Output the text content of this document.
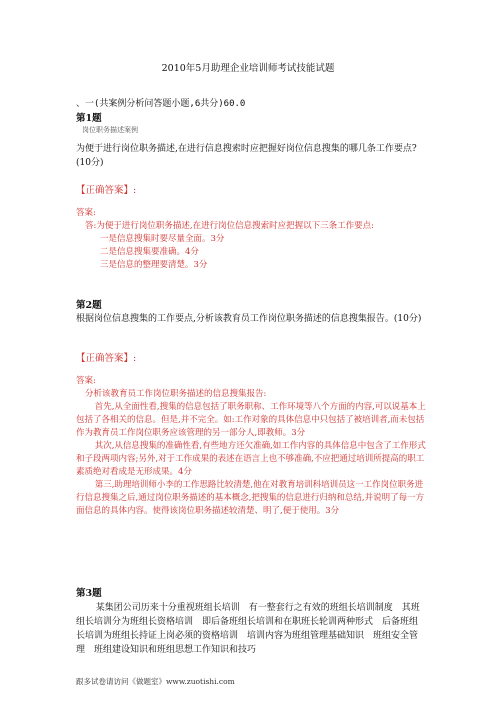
2010年5月助理企业培训师考试技能试题
、一(共案例分析问答题小题,6共分)60.0
第1题
岗位职务描述案例
为便于进行岗位职务描述,在进行信息搜索时应把握好岗位信息搜集的哪几条工作要点?(10分)
【正确答案】:

答案:

答:为便于进行岗位职务描述,在进行岗位信息搜索时应把握以下三条工作要点:

一是信息搜集时要尽量全面。3分

二是信息搜集要准确。4分

三是信息的整理要清楚。3分

第2题
根据岗位信息搜集的工作要点,分析该教育员工作岗位职务描述的信息搜集报告。(10分)
【正确答案】:

答案:

分析该教育员工作岗位职务描述的信息搜集报告:

首先,从全面性看,搜集的信息包括了职务职称、工作环境等八个方面的内容,可以说基本上包括了各相关的信息。但是,并不完全。如:工作对象的具体信息中只包括了被培训者,而未包括作为教育员工作岗位职务应该管理的另一部分人,即教师。3分

其次,从信息搜集的准确性看,有些地方还欠准确,如工作内容的具体信息中包含了工作形式和子段两项内容;另外,对于工作成果的表述在语言上也不够准确,不应把通过培训所提高的职工素质绝对看成是无形成果。4分

第三,助理培训师小李的工作思路比较清楚,他在对教育培训科培训员这一工作岗位职务进行信息搜集之后,通过岗位职务描述的基本概念,把搜集的信息进行归纳和总结,并说明了每一方面信息的具体内容。使得该岗位职务描述较清楚、明了,便于使用。3分

第3题
某集团公司历来十分重视班组长培训　有一整套行之有效的班组长培训制度　其班组长培训分为班组长资格培训　即后备班组长培训和在职班长轮训两种形式　后备班组长培训为班组长持证上岗必须的资格培训　培训内容为班组管理基础知识　班组安全管理　班组建设知识和班组思想工作知识和技巧
跟多试卷请访问《做题室》www.zuotishi.com
